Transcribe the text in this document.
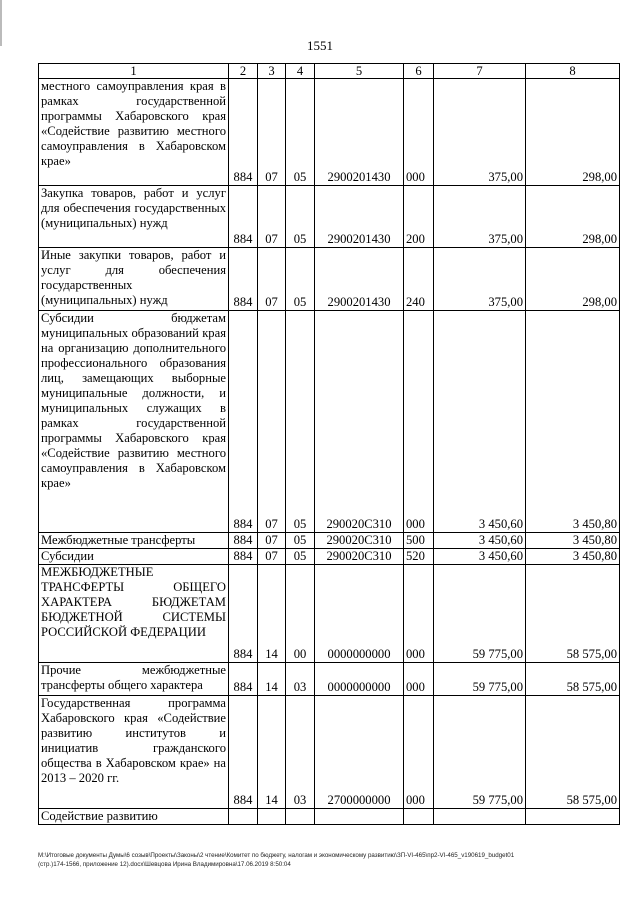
1551
1	2	3	4	5	6	7	8
местного самоуправления края в рамках государственной программы Хабаровского края «Содействие развитию местного самоуправления в Хабаровском крае»	884	07	05	2900201430	000	375,00	298,00
Закупка товаров, работ и услуг для обеспечения государственных (муниципальных) нужд	884	07	05	2900201430	200	375,00	298,00
Иные закупки товаров, работ и услуг для обеспечения государственных (муниципальных) нужд	884	07	05	2900201430	240	375,00	298,00
Субсидии бюджетам муниципальных образований края на организацию дополнительного профессионального образования лиц, замещающих выборные муниципальные должности, и муниципальных служащих в рамках государственной программы Хабаровского края «Содействие развитию местного самоуправления в Хабаровском крае»	884	07	05	290020С310	000	3 450,60	3 450,80
Межбюджетные трансферты	884	07	05	290020С310	500	3 450,60	3 450,80
Субсидии	884	07	05	290020С310	520	3 450,60	3 450,80
МЕЖБЮДЖЕТНЫЕ ТРАНСФЕРТЫ ОБЩЕГО ХАРАКТЕРА БЮДЖЕТАМ БЮДЖЕТНОЙ СИСТЕМЫ РОССИЙСКОЙ ФЕДЕРАЦИИ	884	14	00	0000000000	000	59 775,00	58 575,00
Прочие межбюджетные трансферты общего характера	884	14	03	0000000000	000	59 775,00	58 575,00
Государственная программа Хабаровского края «Содействие развитию институтов и инициатив гражданского общества в Хабаровском крае» на 2013 – 2020 гг.	884	14	03	2700000000	000	59 775,00	58 575,00
Содействие развитию							
M:\Итоговые документы Думы\6 созыв\Проекты\Законы\2 чтение\Комитет по бюджету, налогам и экономическому развитию\ЗП-VI-465\пр2-VI-465_v190619_budget01
(стр.)174-1566, приложение 12).docx\Шевцова Ирина Владимировна\17.06.2019 8:50:04
